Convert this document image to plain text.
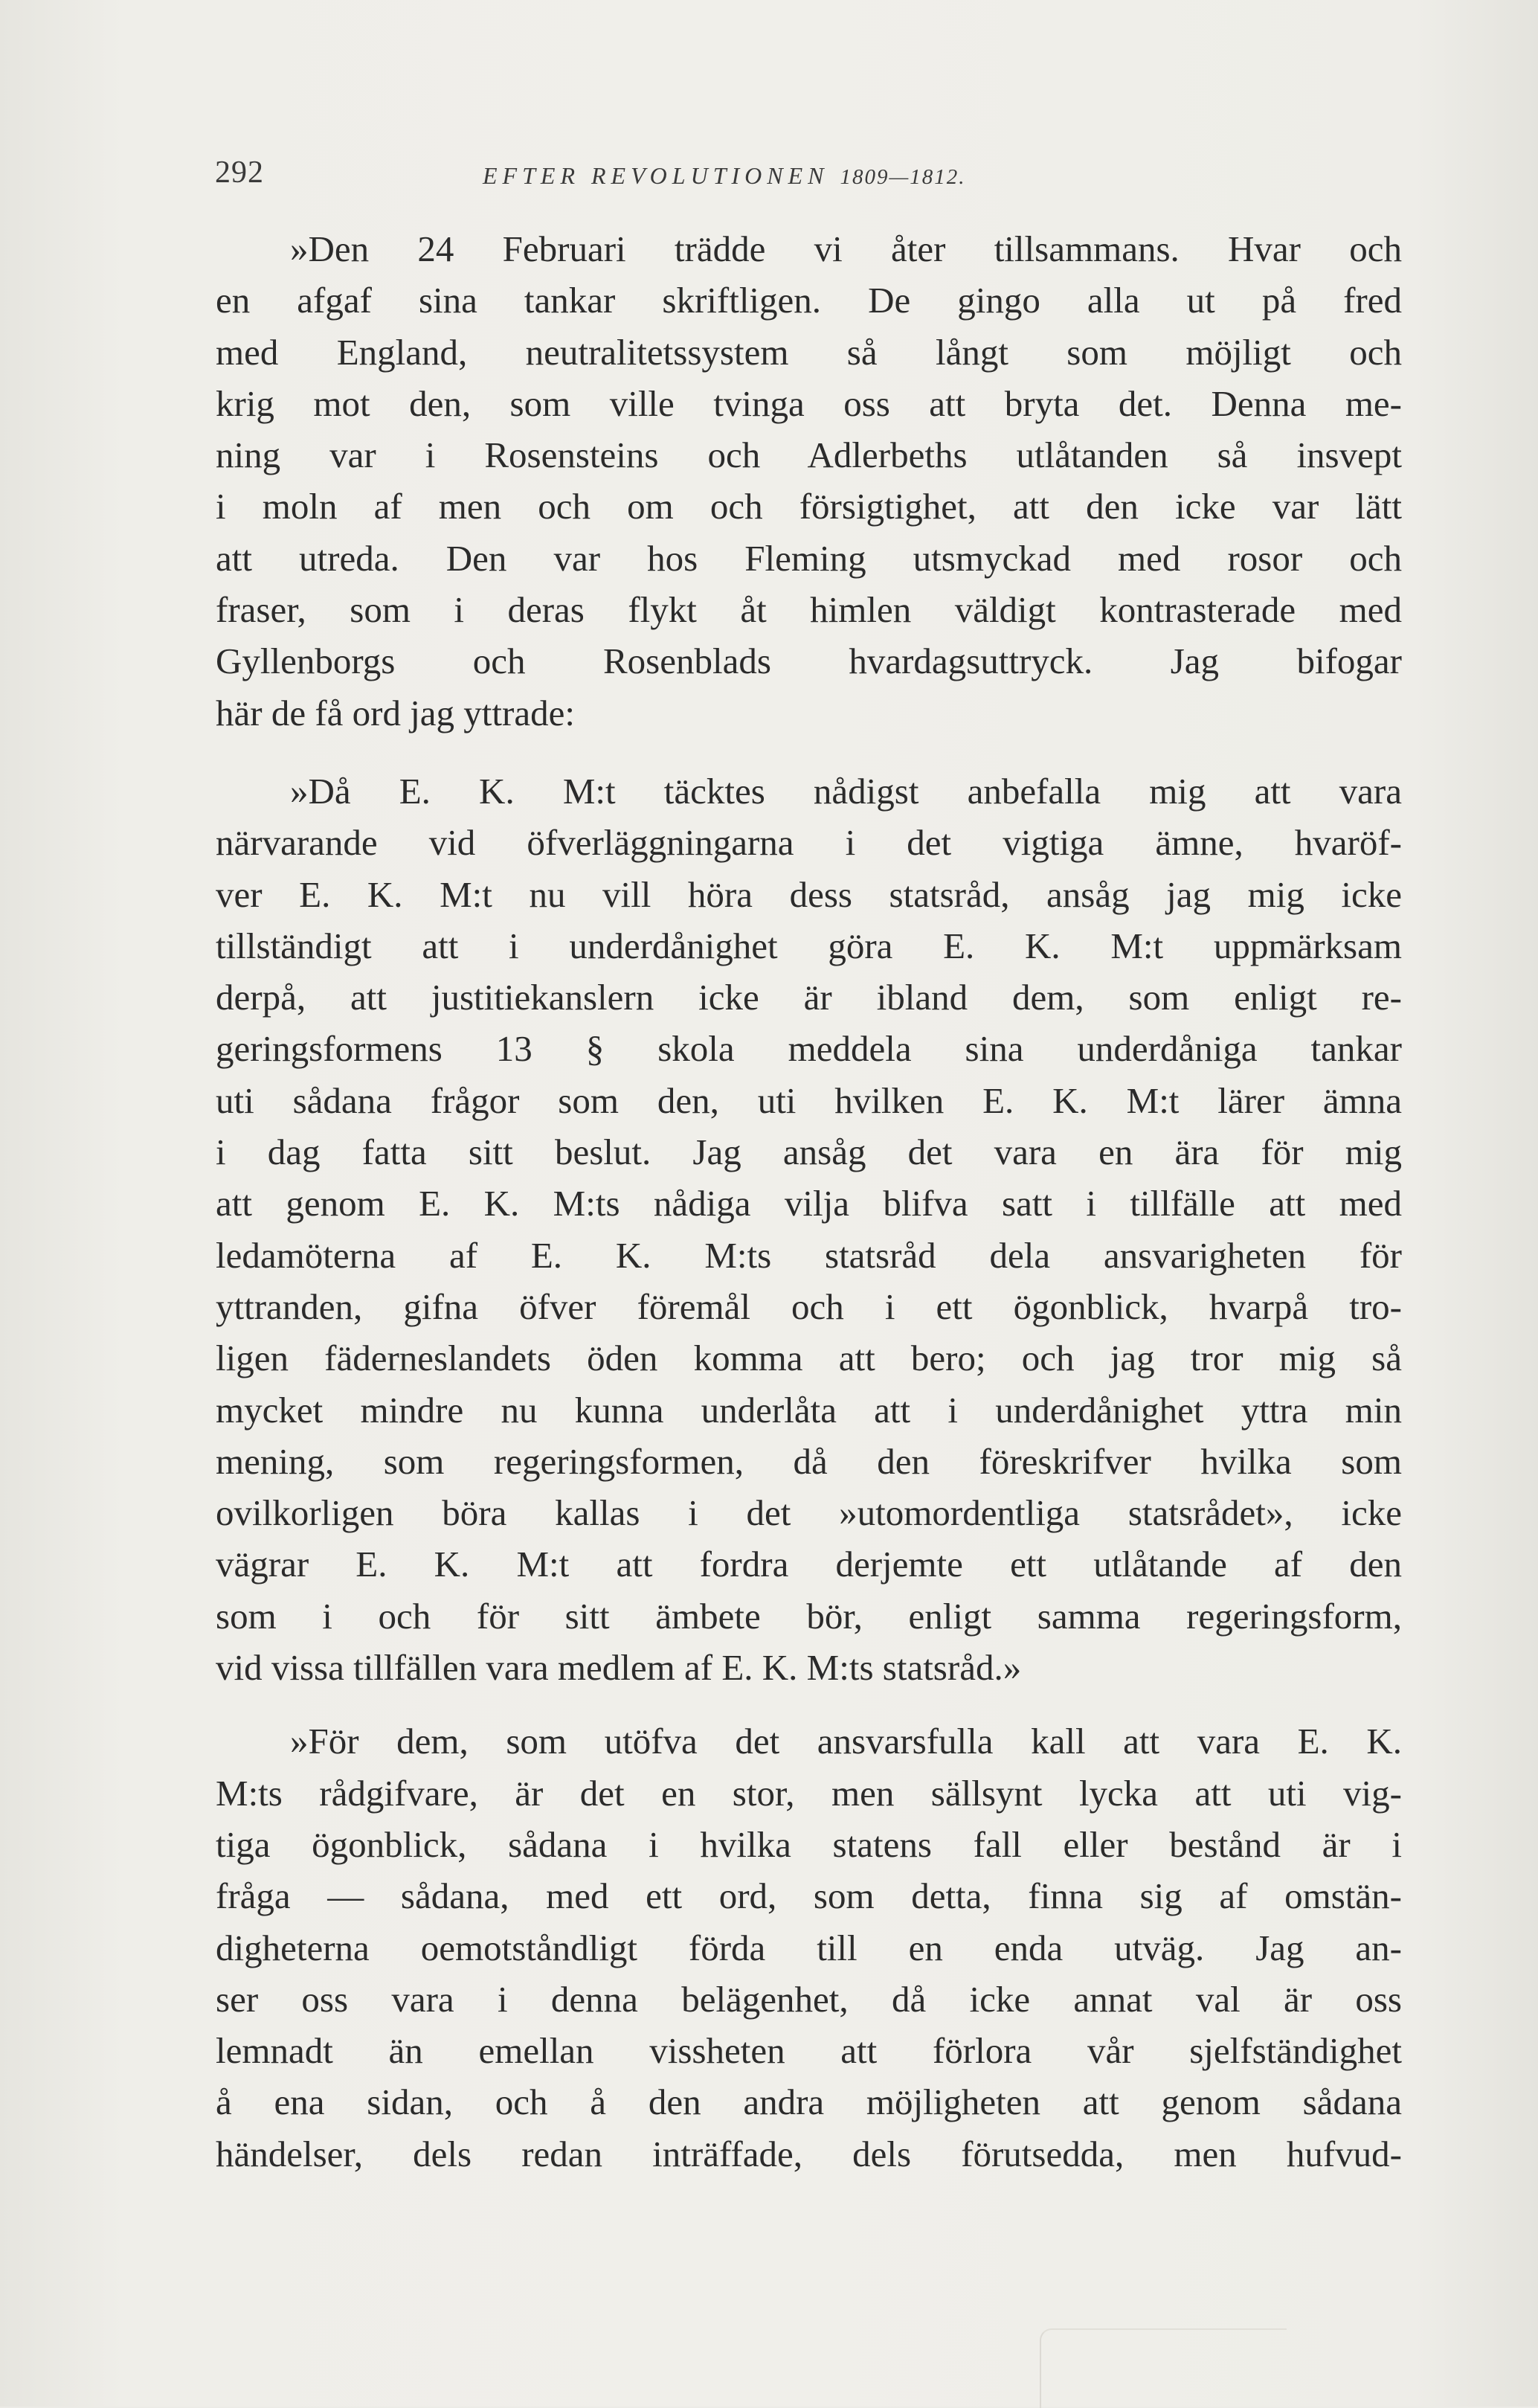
292	EFTER REVOLUTIONEN 1809—1812.

»Den 24 Februari trädde vi åter tillsammans. Hvar och
en afgaf sina tankar skriftligen. De gingo alla ut på fred
med England, neutralitetssystem så långt som möjligt och
krig mot den, som ville tvinga oss att bryta det. Denna me-
ning var i Rosensteins och Adlerbeths utlåtanden så insvept
i moln af men och om och försigtighet, att den icke var lätt
att utreda. Den var hos Fleming utsmyckad med rosor och
fraser, som i deras flykt åt himlen väldigt kontrasterade med
Gyllenborgs och Rosenblads hvardagsuttryck. Jag bifogar
här de få ord jag yttrade:

»Då E. K. M:t täcktes nådigst anbefalla mig att vara
närvarande vid öfverläggningarna i det vigtiga ämne, hvaröf-
ver E. K. M:t nu vill höra dess statsråd, ansåg jag mig icke
tillständigt att i underdånighet göra E. K. M:t uppmärksam
derpå, att justitiekanslern icke är ibland dem, som enligt re-
geringsformens 13 § skola meddela sina underdåniga tankar
uti sådana frågor som den, uti hvilken E. K. M:t lärer ämna
i dag fatta sitt beslut. Jag ansåg det vara en ära för mig
att genom E. K. M:ts nådiga vilja blifva satt i tillfälle att med
ledamöterna af E. K. M:ts statsråd dela ansvarigheten för
yttranden, gifna öfver föremål och i ett ögonblick, hvarpå tro-
ligen fäderneslandets öden komma att bero; och jag tror mig så
mycket mindre nu kunna underlåta att i underdånighet yttra min
mening, som regeringsformen, då den föreskrifver hvilka som
ovilkorligen böra kallas i det »utomordentliga statsrådet», icke
vägrar E. K. M:t att fordra derjemte ett utlåtande af den
som i och för sitt ämbete bör, enligt samma regeringsform,
vid vissa tillfällen vara medlem af E. K. M:ts statsråd.»

»För dem, som utöfva det ansvarsfulla kall att vara E. K.
M:ts rådgifvare, är det en stor, men sällsynt lycka att uti vig-
tiga ögonblick, sådana i hvilka statens fall eller bestånd är i
fråga — sådana, med ett ord, som detta, finna sig af omstän-
digheterna oemotståndligt förda till en enda utväg. Jag an-
ser oss vara i denna belägenhet, då icke annat val är oss
lemnadt än emellan vissheten att förlora vår sjelfständighet
å ena sidan, och å den andra möjligheten att genom sådana
händelser, dels redan inträffade, dels förutsedda, men hufvud-
